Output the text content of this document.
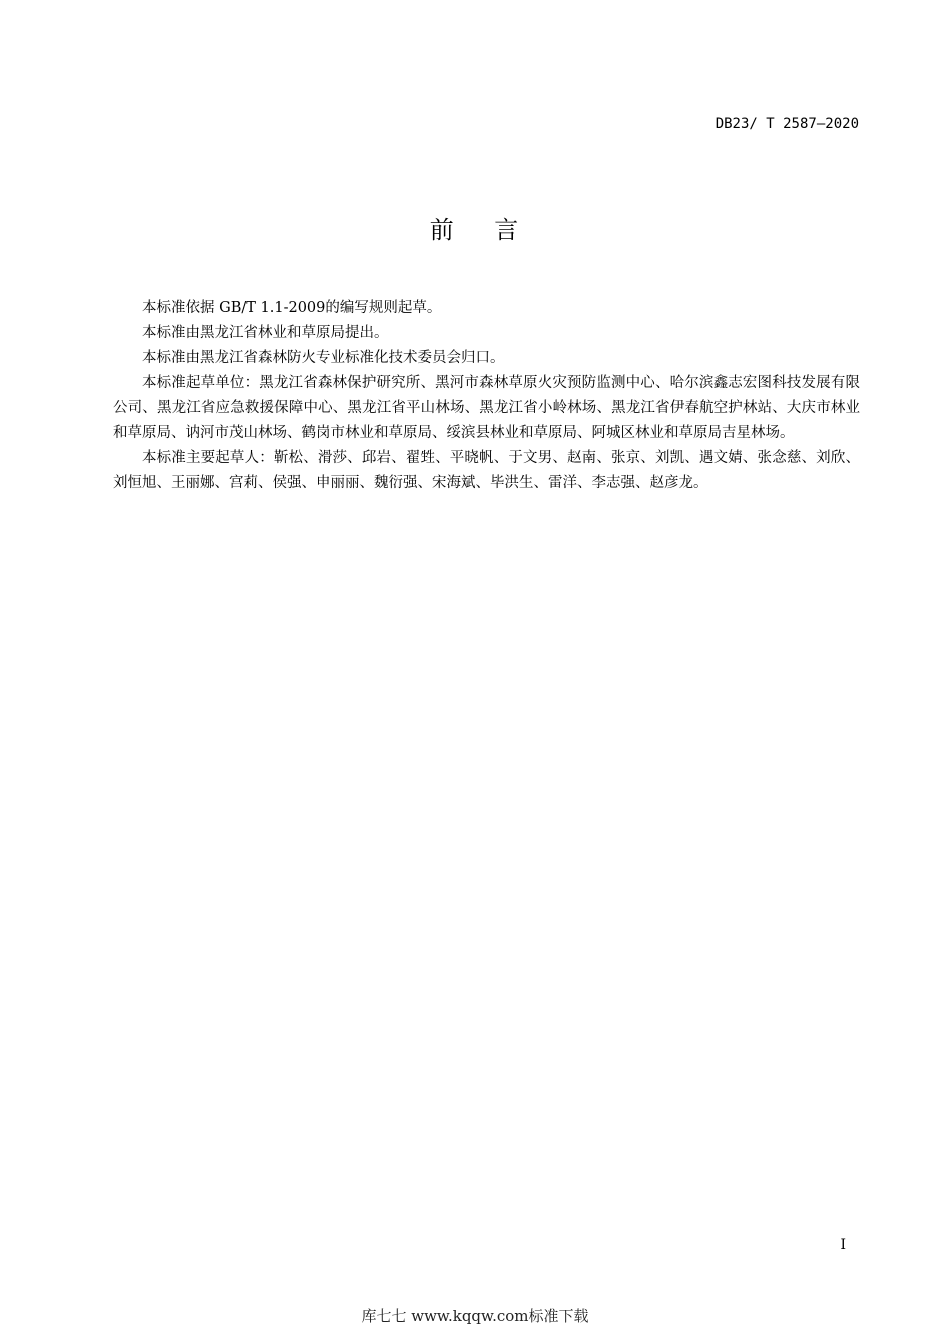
DB23/ T 2587—2020
前    言

本标准依据 GB/T 1.1-2009的编写规则起草。

本标准由黑龙江省林业和草原局提出。

本标准由黑龙江省森林防火专业标准化技术委员会归口。

本标准起草单位：黑龙江省森林保护研究所、黑河市森林草原火灾预防监测中心、哈尔滨鑫志宏图科技发展有限公司、黑龙江省应急救援保障中心、黑龙江省平山林场、黑龙江省小岭林场、黑龙江省伊春航空护林站、大庆市林业和草原局、讷河市茂山林场、鹤岗市林业和草原局、绥滨县林业和草原局、阿城区林业和草原局吉星林场。

本标准主要起草人：靳松、滑莎、邱岩、翟甡、平晓帆、于文男、赵南、张京、刘凯、遇文婧、张念慈、刘欣、刘恒旭、王丽娜、宫莉、侯强、申丽丽、魏衍强、宋海斌、毕洪生、雷洋、李志强、赵彦龙。

I
库七七 www.kqqw.com标准下载
